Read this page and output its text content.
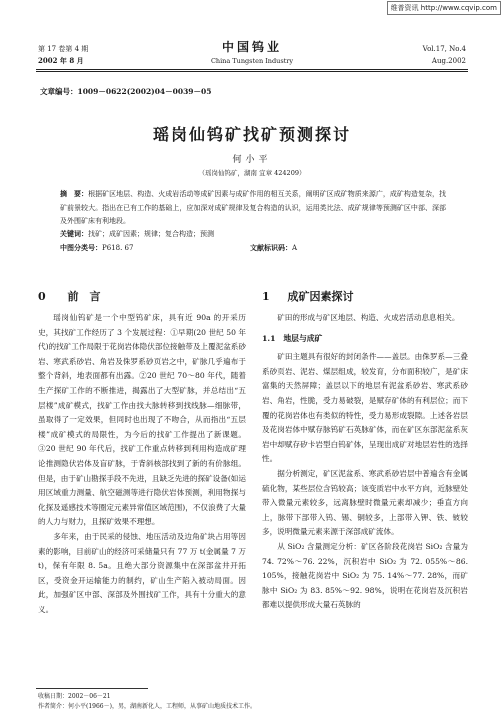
维普资讯 http://www.cqvip.com
第 17 卷第 4 期
2002 年 8 月
中国钨业
China Tungsten Industry
Vol.17, No.4
Aug.2002
文章编号：1009－0622(2002)04－0039－05
瑶岗仙钨矿找矿预测探讨
何小平
（瑶岗仙钨矿，湖南 宜章 424209）
摘　要：根据矿区地层、构造、火成岩活动等成矿因素与成矿作用的相互关系，阐明矿区成矿物质来源广，成矿构造复杂，找矿前景较大。指出在已有工作的基础上，应加深对成矿规律及复合构造的认识，运用类比法、成矿规律等预测矿区中部、深部及外围矿床有利地段。
关键词：找矿；成矿因素；规律；复合构造；预测
中图分类号：P618. 67	文献标识码：A
0 前　言
瑶岗仙钨矿是一个中型钨矿床，具有近 90a 的开采历史，其找矿工作经历了 3 个发展过程：①早期(20 世纪 50 年代)的找矿工作局限于花岗岩体隐伏部位接触带及上覆泥盆系砂岩、寒武系砂岩、角岩及侏罗系砂页岩之中，矿脉几乎遍布于整个背斜，地表面都有出露。②20 世纪 70～80 年代，随着生产探矿工作的不断推进，揭露出了大型矿脉，并总结出“五层楼”成矿模式，找矿工作由找大脉转移到找线脉—细脉带，虽取得了一定效果，但同时也出现了不吻合，从而指出“五层楼”成矿模式的局限性，为今后的找矿工作提出了新课题。③20 世纪 90 年代后，找矿工作重点转移到利用构造成矿理论推测隐伏岩体及盲矿脉，于背斜核部找到了新的有价脉组。但是，由于矿山勘探手段不先进，且缺乏先进的探矿设备(如运用区域重力测量、航空磁测等进行隐伏岩体预测，利用物探与化探及遥感技术等圈定元素异常值区域范围)，不仅浪费了大量的人力与财力，且探矿效果不理想。
多年来，由于民采的侵蚀、地压活动及边角矿块占用等因素的影响，目前矿山的经济可采储量只有 77 万 t(金属量 7 万 t)，保有年限 8. 5a。且绝大部分资源集中在深部盆井开拓区，受资金开运输能力的制约，矿山生产陷入被动局面。因此，加强矿区中部、深部及外围找矿工作，具有十分重大的意义。
1 成矿因素探讨
矿田的形成与矿区地层、构造、火成岩活动息息相关。
1.1　地层与成矿
矿田主题具有很好的封闭条件——盖层。由侏罗系—三叠系砂页岩、泥岩、煤层组成，较发育，分布面积较广，是矿床富集的天然屏障；盖层以下的地层有泥盆系砂岩、寒武系砂岩、角岩，性脆，受力易破裂，是赋存矿体的有利层位；而下覆的花岗岩体也有类似的特性，受力易形成裂隙。上述各岩层及花岗岩体中赋存脉钨矿石英脉矿体，而在矿区东部泥盆系灰岩中却赋存矽卡岩型白钨矿体，呈现出成矿对地层岩性的选择性。
据分析测定，矿区泥盆系、寒武系砂岩层中普遍含有金属硫化物，某些层位含钨较高；该变质岩中水平方向，近脉壁处带入微量元素较多，远离脉壁时微量元素却减少；垂直方向上，脉带下部带入钨、锡、铜较多，上部带入钾、铁、铍较多，说明微量元素来源于深部成矿流体。
从 SiO₂ 含量测定分析：矿区各阶段花岗岩 SiO₂ 含量为 74. 72%～76. 22%，沉积岩中 SiO₂ 为 72. 055%～86. 105%，接触花岗岩中 SiO₂ 为 75. 14%～77. 28%，而矿脉中 SiO₂ 为 83. 85%～92. 98%，说明在花岗岩及沉积岩都难以提供形成大量石英脉的
收稿日期：2002－06－21
作者简介：何小平(1966－)，男，湖南新化人，工程师，从事矿山地质技术工作。
